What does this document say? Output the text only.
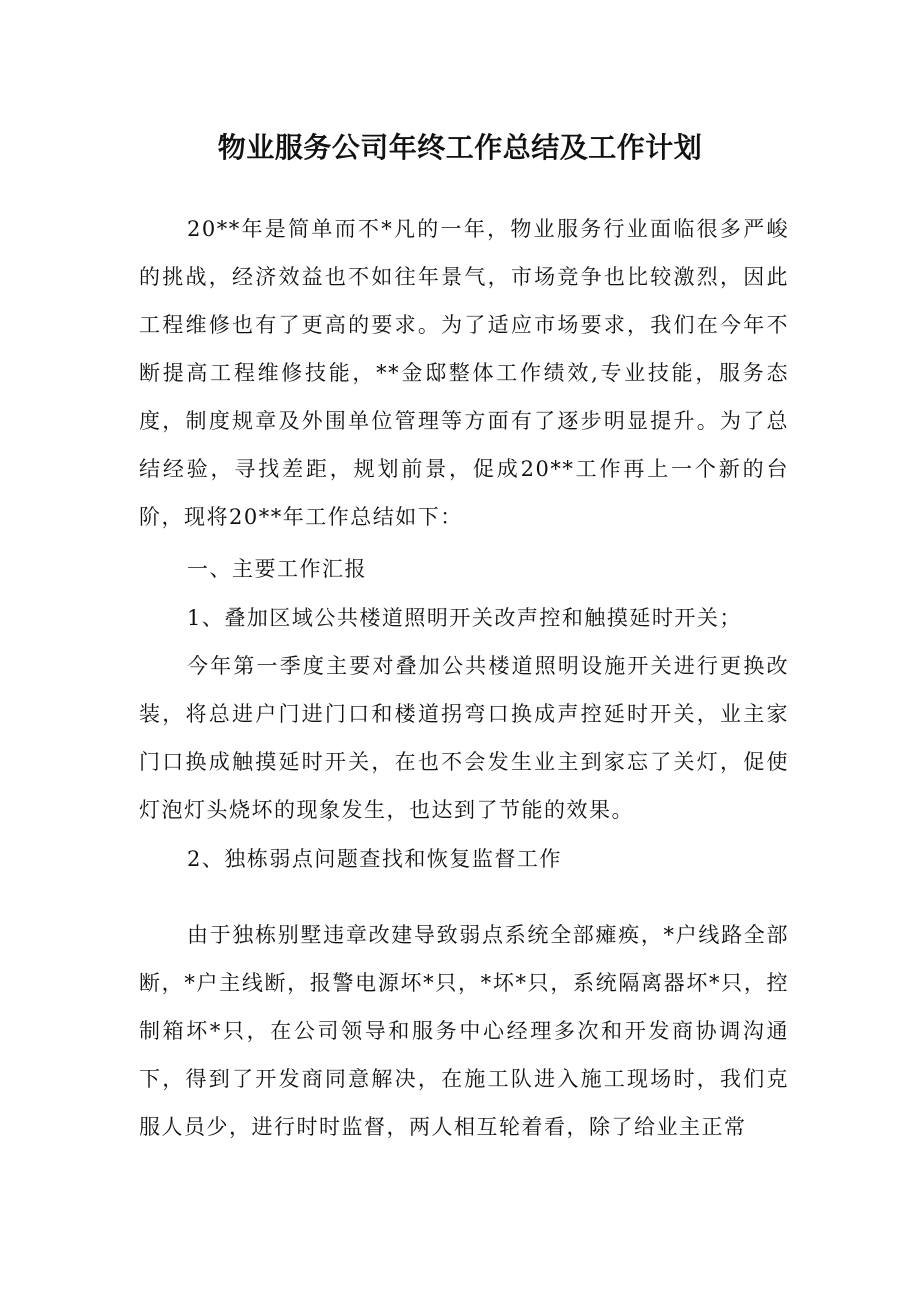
物业服务公司年终工作总结及工作计划

20**年是简单而不*凡的一年，物业服务行业面临很多严峻的挑战，经济效益也不如往年景气，市场竞争也比较激烈，因此工程维修也有了更高的要求。为了适应市场要求，我们在今年不断提高工程维修技能，**金邸整体工作绩效,专业技能，服务态度，制度规章及外围单位管理等方面有了逐步明显提升。为了总结经验，寻找差距，规划前景，促成20**工作再上一个新的台阶，现将20**年工作总结如下：

一、主要工作汇报

1、叠加区域公共楼道照明开关改声控和触摸延时开关；

今年第一季度主要对叠加公共楼道照明设施开关进行更换改装，将总进户门进门口和楼道拐弯口换成声控延时开关，业主家门口换成触摸延时开关，在也不会发生业主到家忘了关灯，促使灯泡灯头烧坏的现象发生，也达到了节能的效果。

2、独栋弱点问题查找和恢复监督工作

由于独栋别墅违章改建导致弱点系统全部瘫痪，*户线路全部断，*户主线断，报警电源坏*只，*坏*只，系统隔离器坏*只，控制箱坏*只，在公司领导和服务中心经理多次和开发商协调沟通下，得到了开发商同意解决，在施工队进入施工现场时，我们克服人员少，进行时时监督，两人相互轮着看，除了给业主正常
